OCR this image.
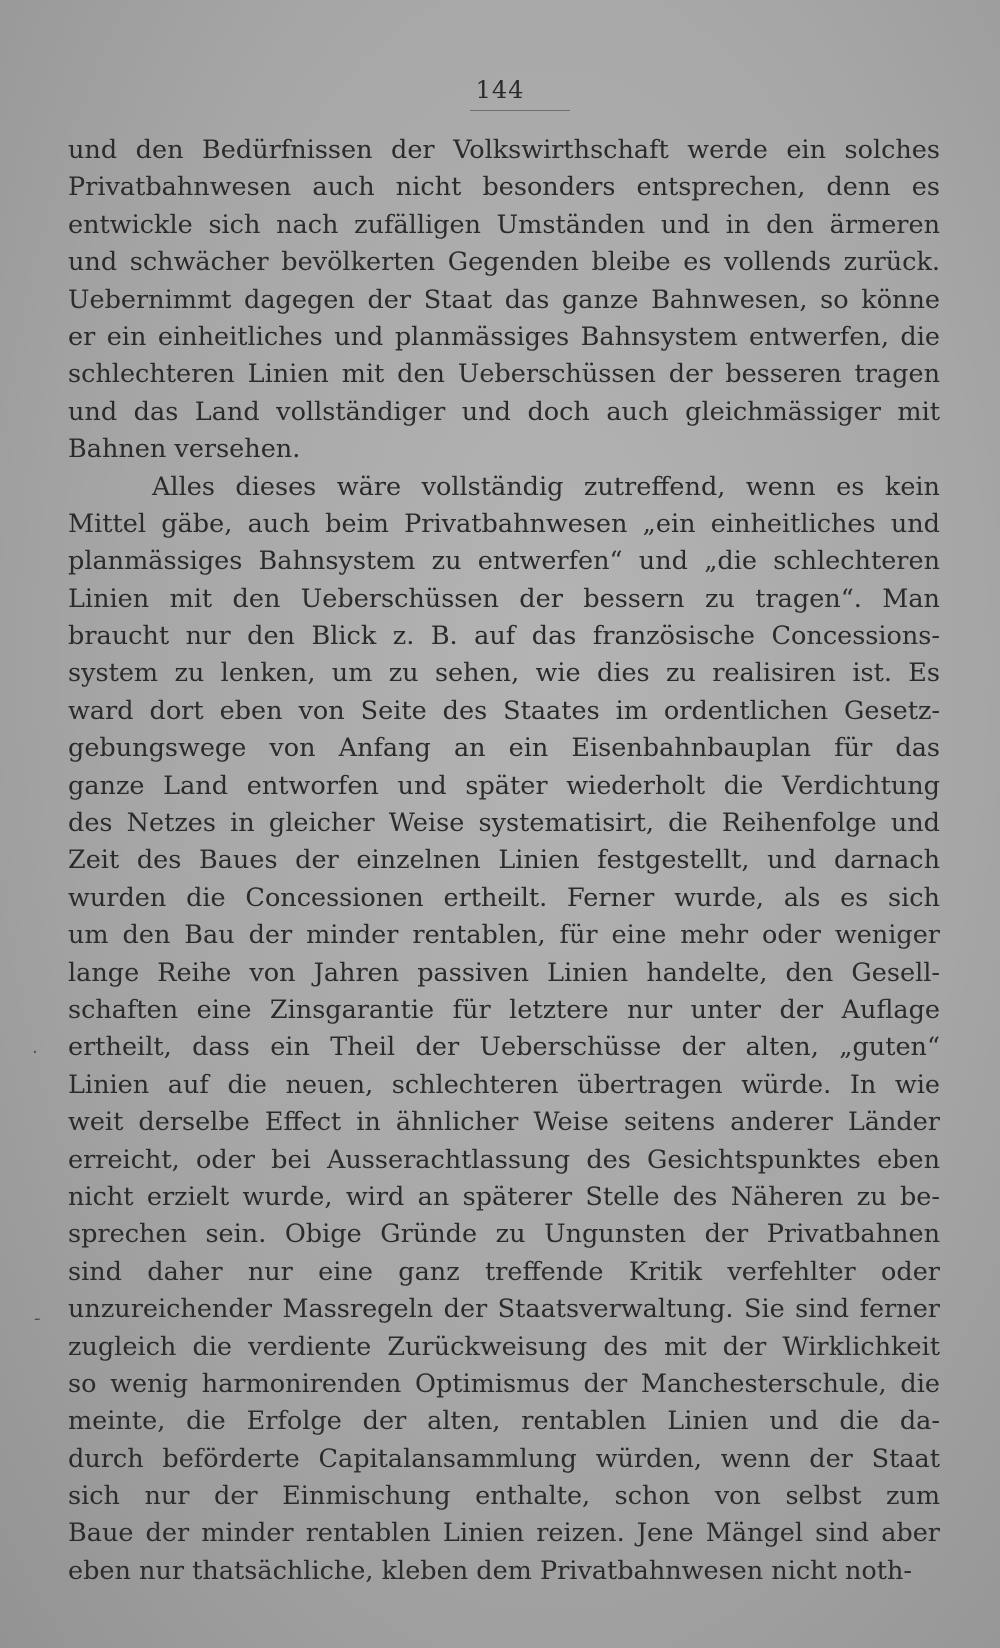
144
und den Bedürfnissen der Volkswirthschaft werde ein solches
Privatbahnwesen auch nicht besonders entsprechen, denn es
entwickle sich nach zufälligen Umständen und in den ärmeren
und schwächer bevölkerten Gegenden bleibe es vollends zurück.
Uebernimmt dagegen der Staat das ganze Bahnwesen, so könne
er ein einheitliches und planmässiges Bahnsystem entwerfen, die
schlechteren Linien mit den Ueberschüssen der besseren tragen
und das Land vollständiger und doch auch gleichmässiger mit
Bahnen versehen.
Alles dieses wäre vollständig zutreffend, wenn es kein
Mittel gäbe, auch beim Privatbahnwesen „ein einheitliches und
planmässiges Bahnsystem zu entwerfen“ und „die schlechteren
Linien mit den Ueberschüssen der bessern zu tragen“. Man
braucht nur den Blick z. B. auf das französische Concessions-
system zu lenken, um zu sehen, wie dies zu realisiren ist. Es
ward dort eben von Seite des Staates im ordentlichen Gesetz-
gebungswege von Anfang an ein Eisenbahnbauplan für das
ganze Land entworfen und später wiederholt die Verdichtung
des Netzes in gleicher Weise systematisirt, die Reihenfolge und
Zeit des Baues der einzelnen Linien festgestellt, und darnach
wurden die Concessionen ertheilt. Ferner wurde, als es sich
um den Bau der minder rentablen, für eine mehr oder weniger
lange Reihe von Jahren passiven Linien handelte, den Gesell-
schaften eine Zinsgarantie für letztere nur unter der Auflage
ertheilt, dass ein Theil der Ueberschüsse der alten, „guten“
Linien auf die neuen, schlechteren übertragen würde. In wie
weit derselbe Effect in ähnlicher Weise seitens anderer Länder
erreicht, oder bei Ausserachtlassung des Gesichtspunktes eben
nicht erzielt wurde, wird an späterer Stelle des Näheren zu be-
sprechen sein. Obige Gründe zu Ungunsten der Privatbahnen
sind daher nur eine ganz treffende Kritik verfehlter oder
unzureichender Massregeln der Staatsverwaltung. Sie sind ferner
zugleich die verdiente Zurückweisung des mit der Wirklichkeit
so wenig harmonirenden Optimismus der Manchesterschule, die
meinte, die Erfolge der alten, rentablen Linien und die da-
durch beförderte Capitalansammlung würden, wenn der Staat
sich nur der Einmischung enthalte, schon von selbst zum
Baue der minder rentablen Linien reizen. Jene Mängel sind aber
eben nur thatsächliche, kleben dem Privatbahnwesen nicht noth-
·
-
